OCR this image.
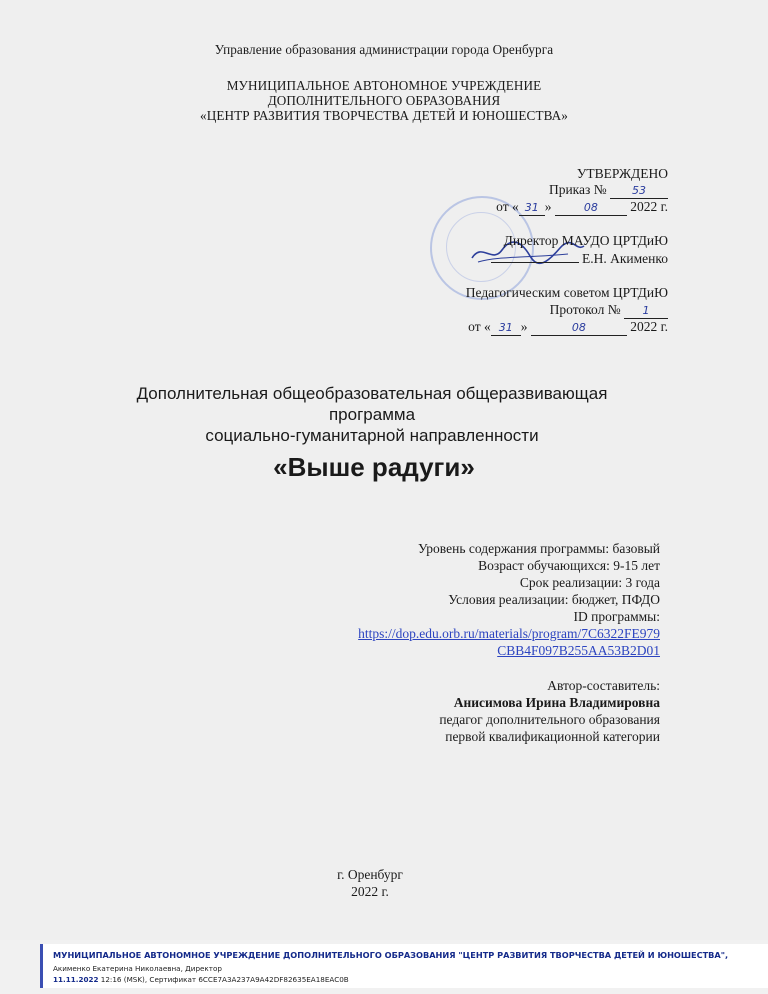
Управление образования администрации города Оренбурга
МУНИЦИПАЛЬНОЕ АВТОНОМНОЕ УЧРЕЖДЕНИЕ
ДОПОЛНИТЕЛЬНОГО ОБРАЗОВАНИЯ
«ЦЕНТР РАЗВИТИЯ ТВОРЧЕСТВА ДЕТЕЙ И ЮНОШЕСТВА»
УТВЕРЖДЕНО
Приказ № 53
от « 31 »	08 2022 г.
Директор МАУДО ЦРТДиЮ
Е.Н. Акименко
Педагогическим советом ЦРТДиЮ
Протокол № 1
от « 31 »	08	2022 г.
Дополнительная общеобразовательная общеразвивающая
программа
социально-гуманитарной направленности
«Выше радуги»
Уровень содержания программы: базовый
Возраст обучающихся: 9-15 лет
Срок реализации: 3 года
Условия реализации: бюджет, ПФДО
ID программы:
https://dop.edu.orb.ru/materials/program/7C6322FE979
CBB4F097B255AA53B2D01
Автор-составитель:
Анисимова Ирина Владимировна
педагог дополнительного образования
первой квалификационной категории
г. Оренбург
2022 г.
МУНИЦИПАЛЬНОЕ АВТОНОМНОЕ УЧРЕЖДЕНИЕ ДОПОЛНИТЕЛЬНОГО ОБРАЗОВАНИЯ "ЦЕНТР РАЗВИТИЯ ТВОРЧЕСТВА ДЕТЕЙ И ЮНОШЕСТВА",
Акименко Екатерина Николаевна, Директор
11.11.2022 12:16 (MSK), Сертификат 6CCE7A3A237A9A42DF82635EA18EAC0B
